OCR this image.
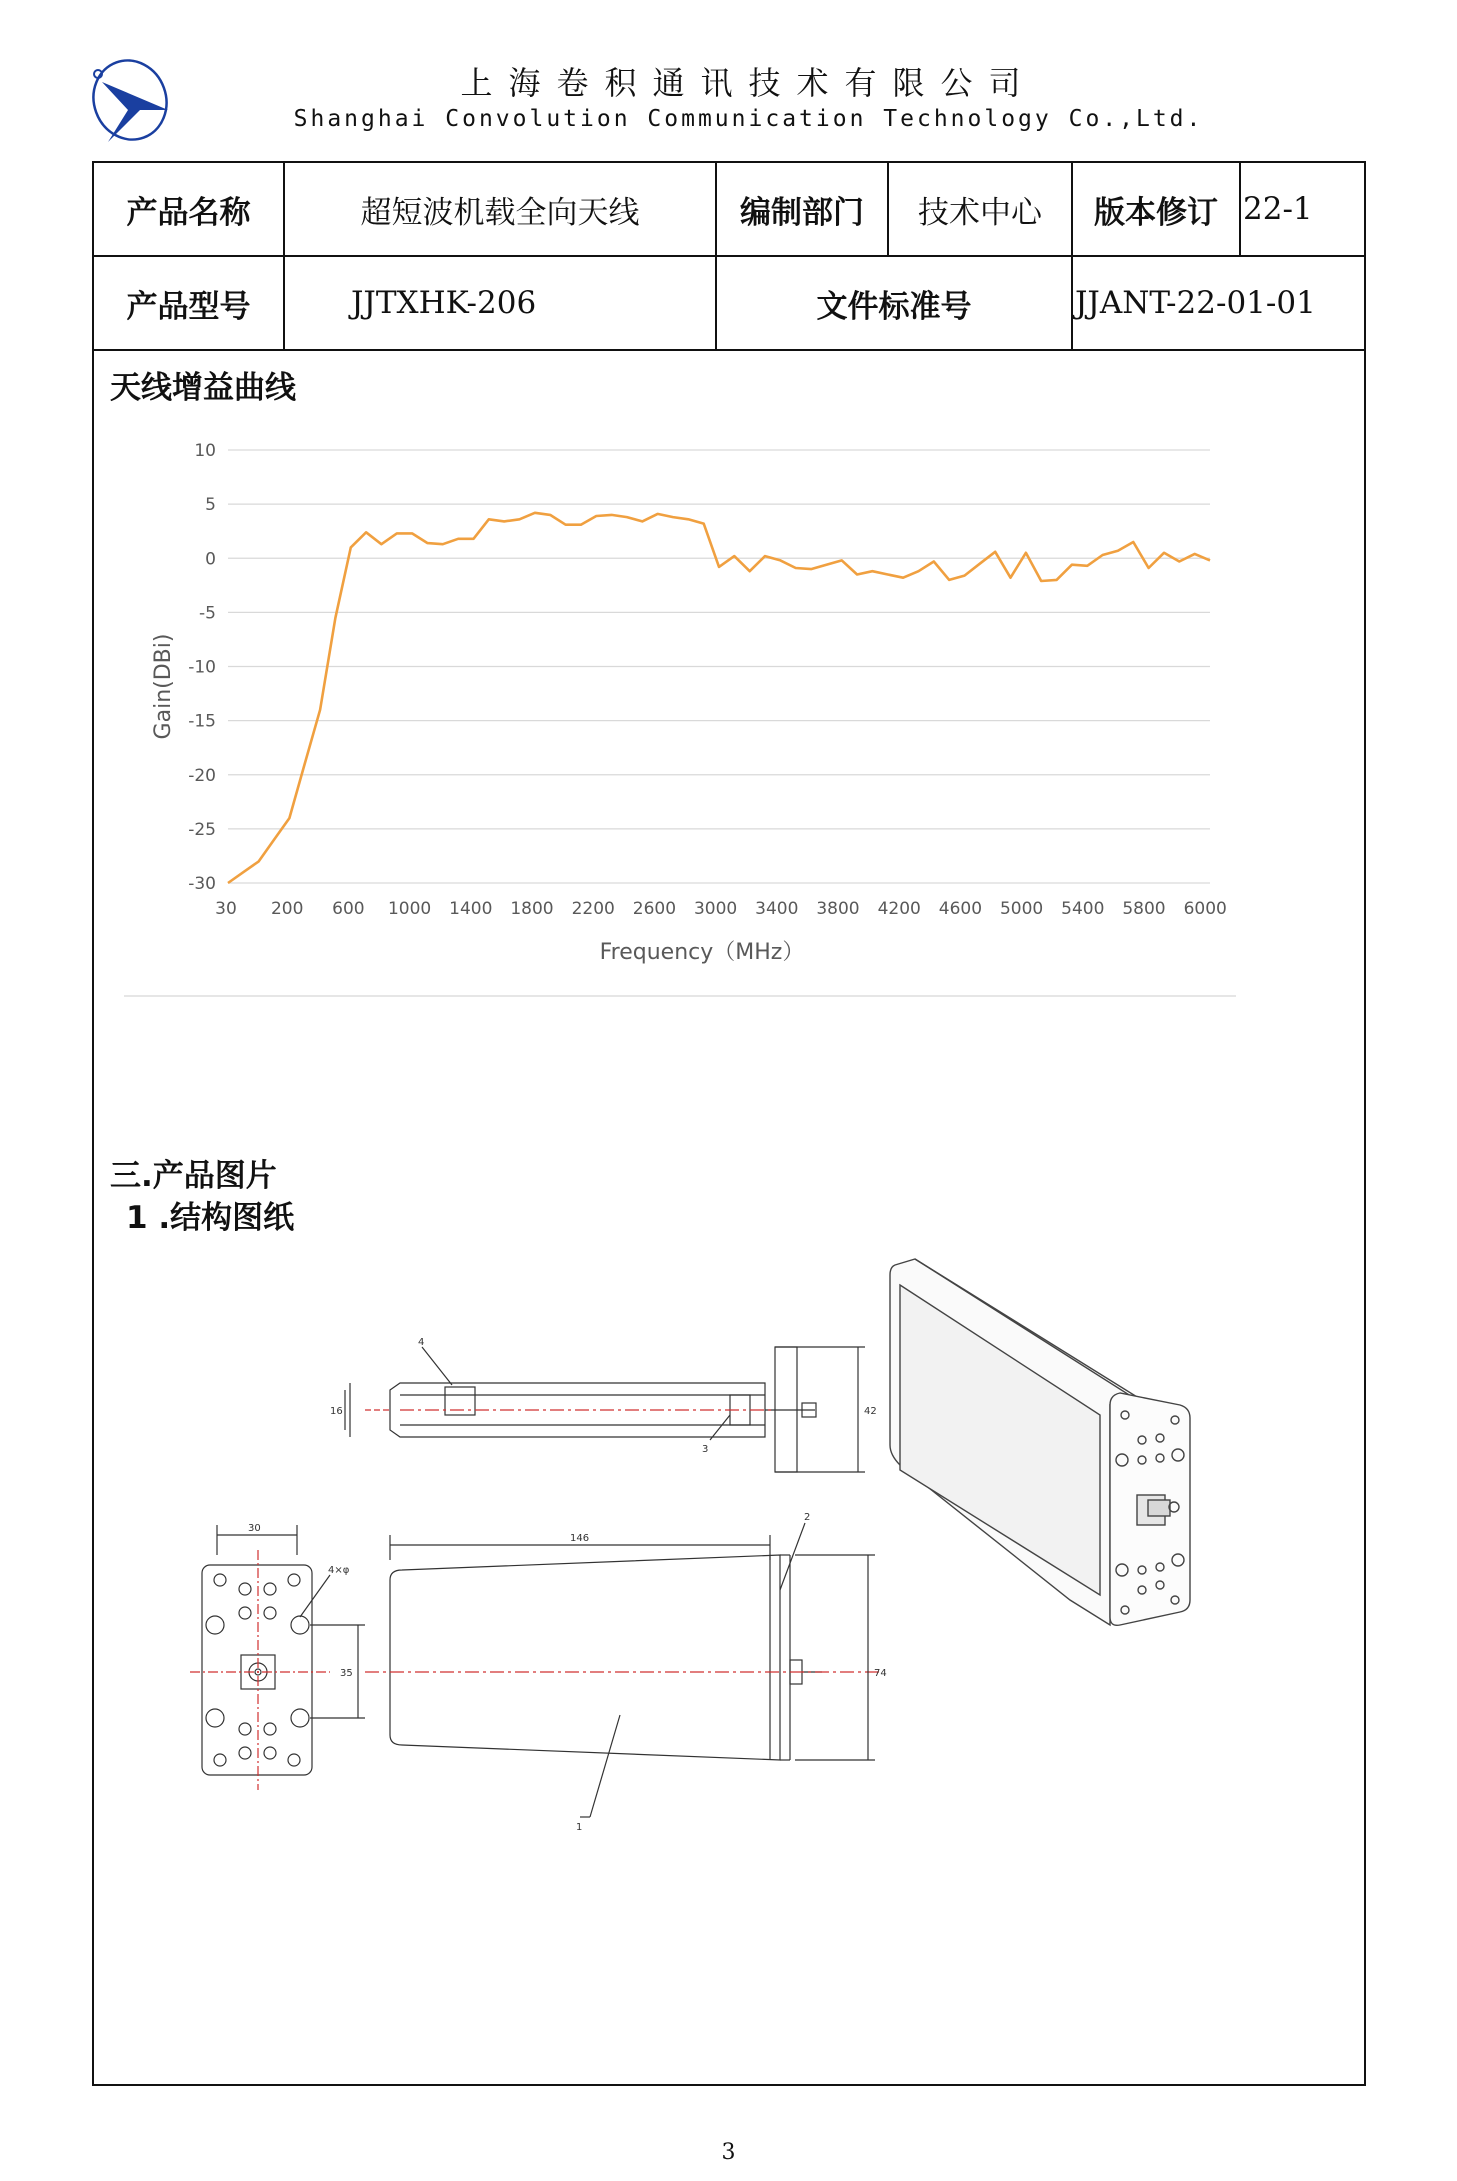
上海卷积通讯技术有限公司
Shanghai Convolution Communication Technology Co.,Ltd.
产品名称	超短波机载全向天线	编制部门	技术中心	版本修订	22-1
产品型号	JJTXHK-206	文件标准号		JJANT-22-01-01	
天线增益曲线
10
5
0
-5
-10
-15
-20
-25
-30
30 200 600 1000 1400 1800 2200 2600 3000 3400 3800 4200 4600 5000 5400 5800 6000
Frequency（MHz）
Gain(DBi)
三.产品图片
1 .结构图纸
4
3
16	42
30
35
4×φ
146
74
2
1
3
